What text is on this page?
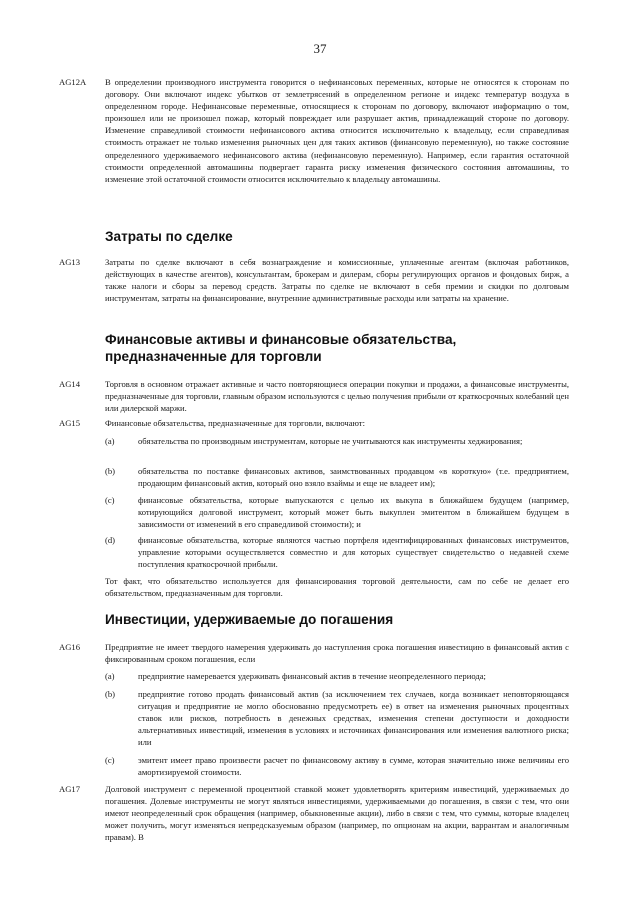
37
AG12A	В определении производного инструмента говорится о нефинансовых переменных, которые не относятся к сторонам по договору. Они включают индекс убытков от землетрясений в определенном регионе и индекс температур воздуха в определенном городе. Нефинансовые переменные, относящиеся к сторонам по договору, включают информацию о том, произошел или не произошел пожар, который повреждает или разрушает актив, принадлежащий стороне по договору. Изменение справедливой стоимости нефинансового актива относится исключительно к владельцу, если справедливая стоимость отражает не только изменения рыночных цен для таких активов (финансовую переменную), но также состояние определенного удерживаемого нефинансового актива (нефинансовую переменную). Например, если гарантия остаточной стоимости определенной автомашины подвергает гаранта риску изменения физического состояния автомашины, то изменение этой остаточной стоимости относится исключительно к владельцу автомашины.
Затраты по сделке
AG13	Затраты по сделке включают в себя вознаграждение и комиссионные, уплаченные агентам (включая работников, действующих в качестве агентов), консультантам, брокерам и дилерам, сборы регулирующих органов и фондовых бирж, а также налоги и сборы за перевод средств. Затраты по сделке не включают в себя премии и скидки по долговым инструментам, затраты на финансирование, внутренние административные расходы или затраты на хранение.
Финансовые активы и финансовые обязательства, предназначенные для торговли
AG14	Торговля в основном отражает активные и часто повторяющиеся операции покупки и продажи, а финансовые инструменты, предназначенные для торговли, главным образом используются с целью получения прибыли от краткосрочных колебаний цен или дилерской маржи.
AG15	Финансовые обязательства, предназначенные для торговли, включают:
(a)	обязательства по производным инструментам, которые не учитываются как инструменты хеджирования;
(b)	обязательства по поставке финансовых активов, заимствованных продавцом «в короткую» (т.е. предприятием, продающим финансовый актив, который оно взяло взаймы и еще не владеет им);
(c)	финансовые обязательства, которые выпускаются с целью их выкупа в ближайшем будущем (например, котирующийся долговой инструмент, который может быть выкуплен эмитентом в ближайшем будущем в зависимости от изменений в его справедливой стоимости); и
(d)	финансовые обязательства, которые являются частью портфеля идентифицированных финансовых инструментов, управление которыми осуществляется совместно и для которых существует свидетельство о недавней схеме поступления краткосрочной прибыли.
Тот факт, что обязательство используется для финансирования торговой деятельности, сам по себе не делает его обязательством, предназначенным для торговли.
Инвестиции, удерживаемые до погашения
AG16	Предприятие не имеет твердого намерения удерживать до наступления срока погашения инвестицию в финансовый актив с фиксированным сроком погашения, если
(a)	предприятие намеревается удерживать финансовый актив в течение неопределенного периода;
(b)	предприятие готово продать финансовый актив (за исключением тех случаев, когда возникает неповторяющаяся ситуация и предприятие не могло обоснованно предусмотреть ее) в ответ на изменения рыночных процентных ставок или рисков, потребность в денежных средствах, изменения степени доступности и доходности альтернативных инвестиций, изменения в условиях и источниках финансирования или изменения валютного риска; или
(c)	эмитент имеет право произвести расчет по финансовому активу в сумме, которая значительно ниже величины его амортизируемой стоимости.
AG17	Долговой инструмент с переменной процентной ставкой может удовлетворять критериям инвестиций, удерживаемых до погашения. Долевые инструменты не могут являться инвестициями, удерживаемыми до погашения, в связи с тем, что они имеют неопределенный срок обращения (например, обыкновенные акции), либо в связи с тем, что суммы, которые владелец может получить, могут изменяться непредсказуемым образом (например, по опционам на акции, варрантам и аналогичным правам). В
